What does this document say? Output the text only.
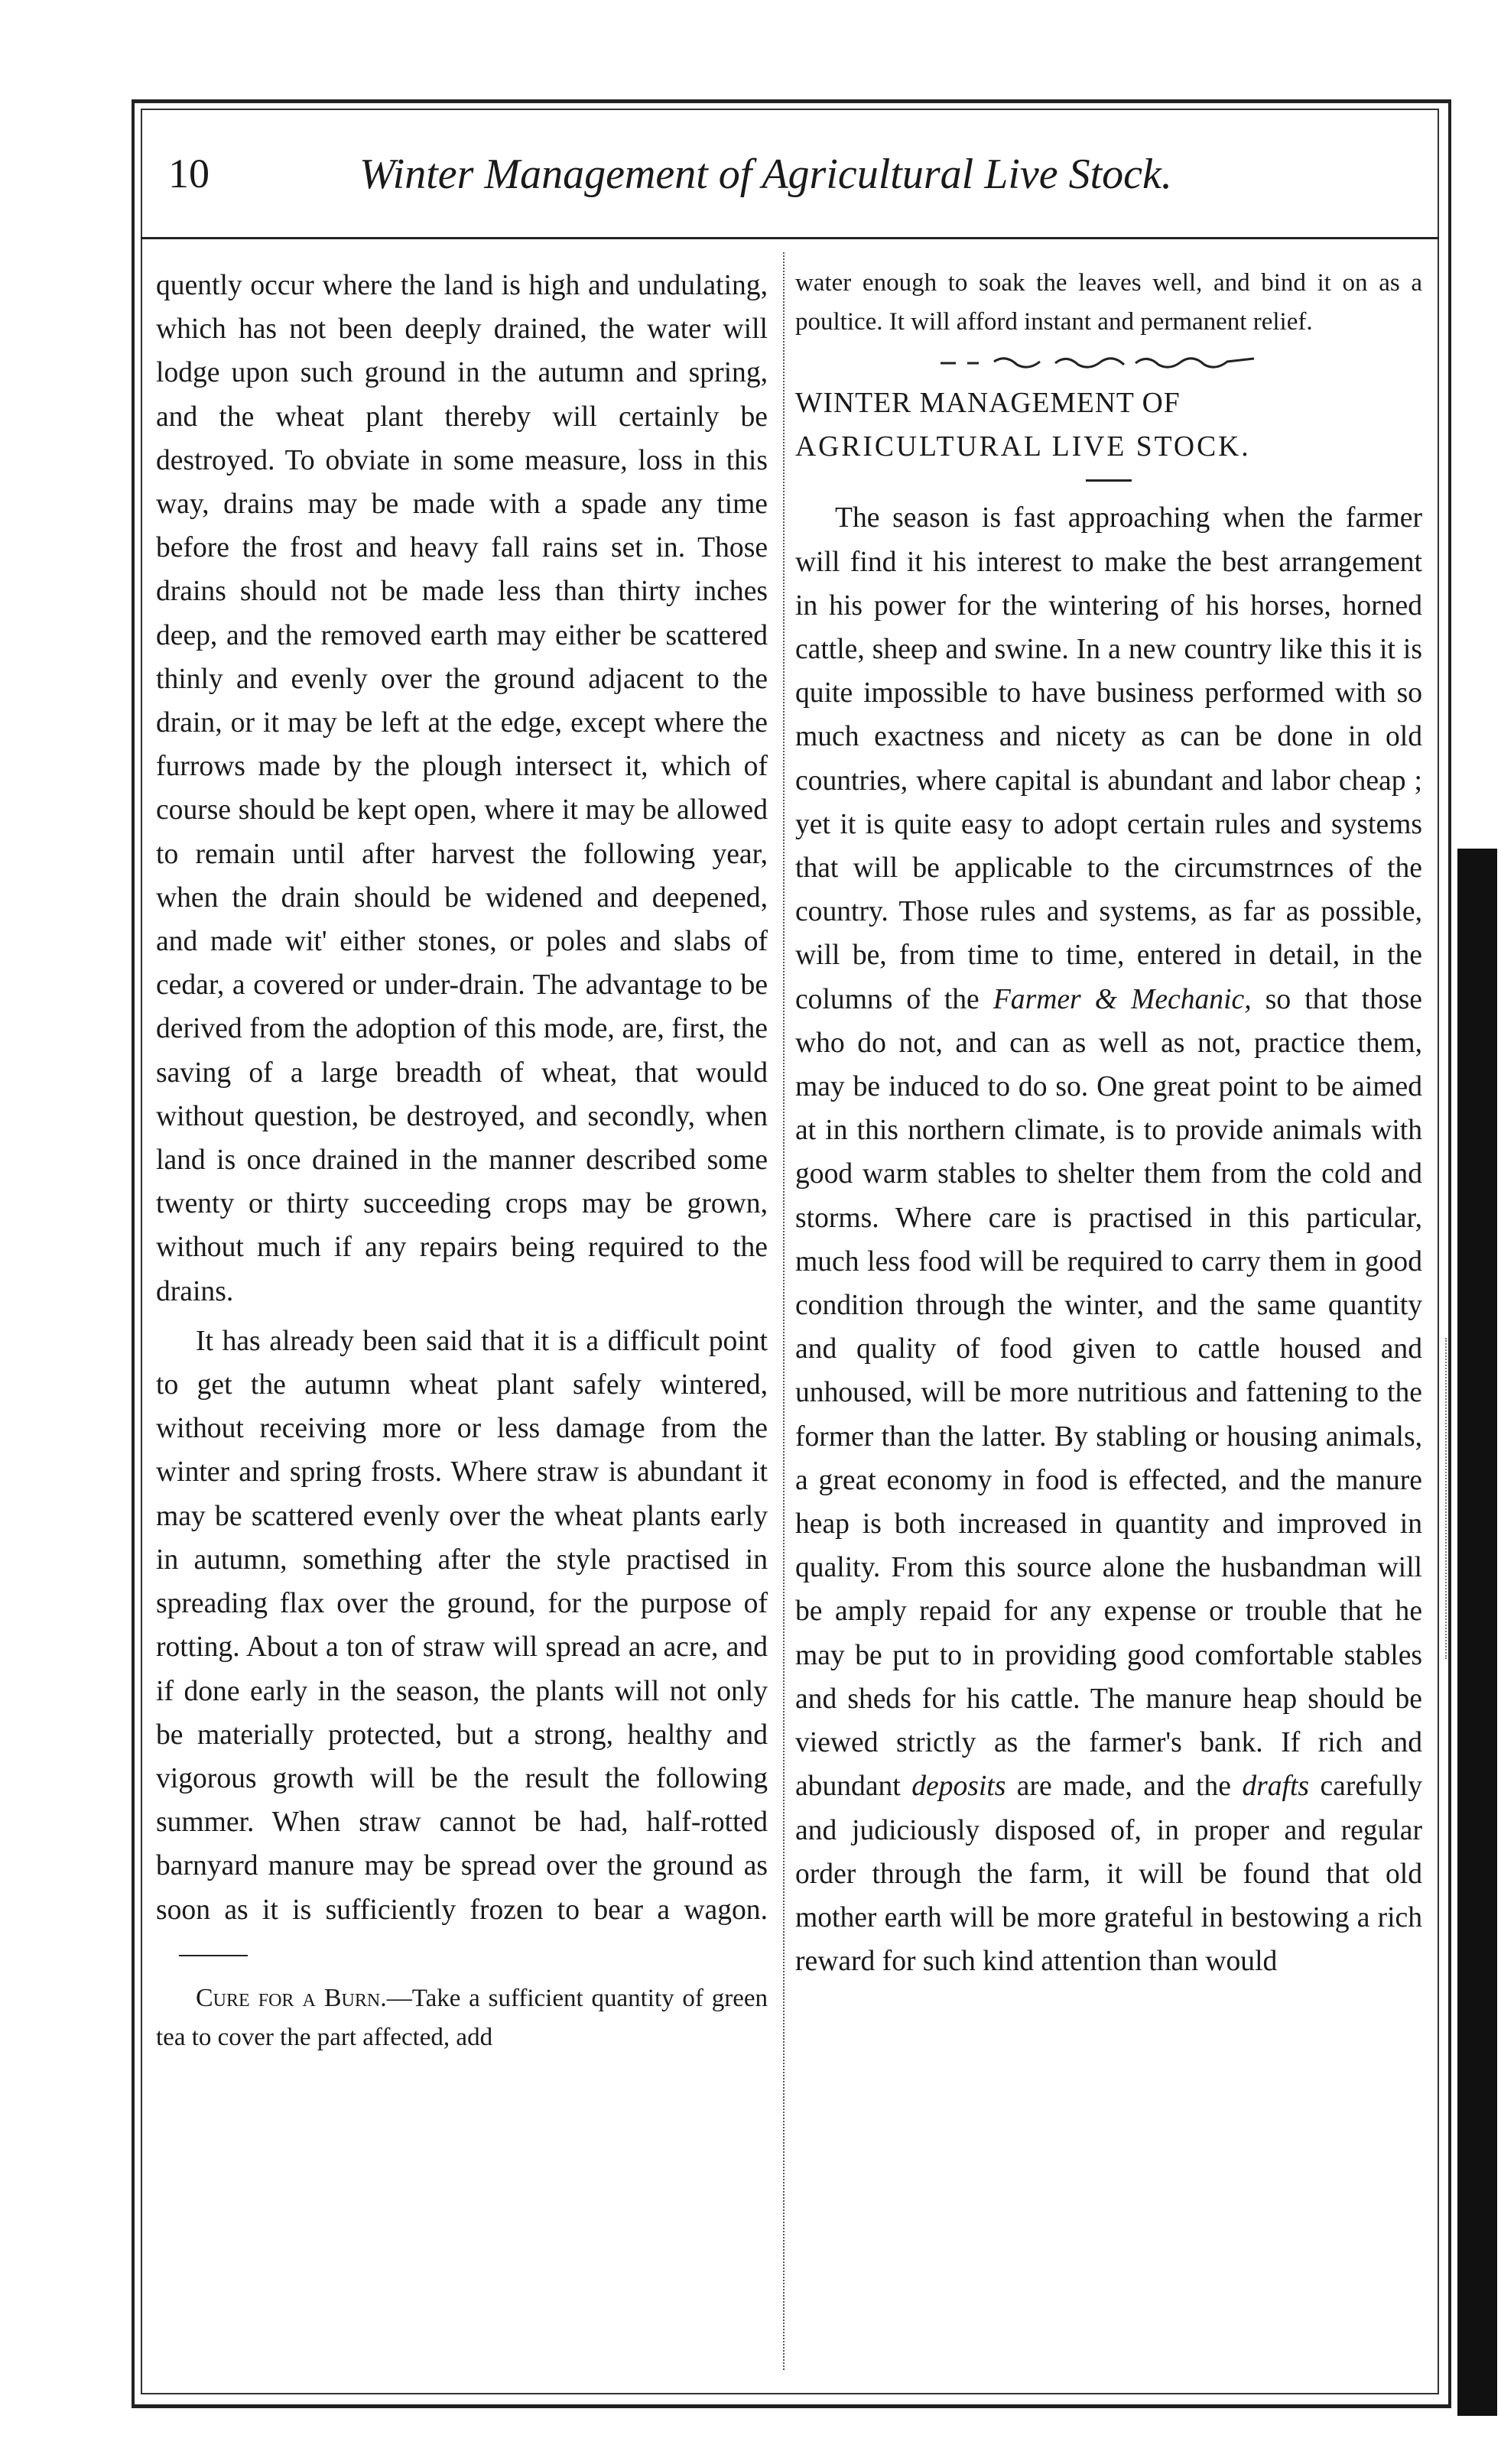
10	Winter Management of Agricultural Live Stock.

quently occur where the land is high and undulating, which has not been deeply drained, the water will lodge upon such ground in the autumn and spring, and the wheat plant thereby will certainly be destroyed. To obviate in some measure, loss in this way, drains may be made with a spade any time before the frost and heavy fall rains set in. Those drains should not be made less than thirty inches deep, and the removed earth may either be scattered thinly and evenly over the ground adjacent to the drain, or it may be left at the edge, except where the furrows made by the plough intersect it, which of course should be kept open, where it may be allowed to remain until after harvest the following year, when the drain should be widened and deepened, and made wit' either stones, or poles and slabs of cedar, a covered or under-drain. The advantage to be derived from the adoption of this mode, are, first, the saving of a large breadth of wheat, that would without question, be destroyed, and secondly, when land is once drained in the manner described some twenty or thirty succeeding crops may be grown, without much if any repairs being required to the drains.

It has already been said that it is a difficult point to get the autumn wheat plant safely wintered, without receiving more or less damage from the winter and spring frosts. Where straw is abundant it may be scattered evenly over the wheat plants early in autumn, something after the style practised in spreading flax over the ground, for the purpose of rotting. About a ton of straw will spread an acre, and if done early in the season, the plants will not only be materially protected, but a strong, healthy and vigorous growth will be the result the following summer. When straw cannot be had, half-rotted barnyard manure may be spread over the ground as soon as it is sufficiently frozen to bear a wagon.

Cure for a Burn.—Take a sufficient quantity of green tea to cover the part affected, add

water enough to soak the leaves well, and bind it on as a poultice. It will afford instant and permanent relief.

WINTER MANAGEMENT OF

AGRICULTURAL LIVE STOCK.

The season is fast approaching when the farmer will find it his interest to make the best arrangement in his power for the wintering of his horses, horned cattle, sheep and swine. In a new country like this it is quite impossible to have business performed with so much exactness and nicety as can be done in old countries, where capital is abundant and labor cheap ; yet it is quite easy to adopt certain rules and systems that will be applicable to the circumstrnces of the country. Those rules and systems, as far as possible, will be, from time to time, entered in detail, in the columns of the Farmer & Mechanic, so that those who do not, and can as well as not, practice them, may be induced to do so. One great point to be aimed at in this northern climate, is to provide animals with good warm stables to shelter them from the cold and storms. Where care is practised in this particular, much less food will be required to carry them in good condition through the winter, and the same quantity and quality of food given to cattle housed and unhoused, will be more nutritious and fattening to the former than the latter. By stabling or housing animals, a great economy in food is effected, and the manure heap is both increased in quantity and improved in quality. From this source alone the husbandman will be amply repaid for any expense or trouble that he may be put to in providing good comfortable stables and sheds for his cattle. The manure heap should be viewed strictly as the farmer's bank. If rich and abundant deposits are made, and the drafts carefully and judiciously disposed of, in proper and regular order through the farm, it will be found that old mother earth will be more grateful in bestowing a rich reward for such kind attention than would
